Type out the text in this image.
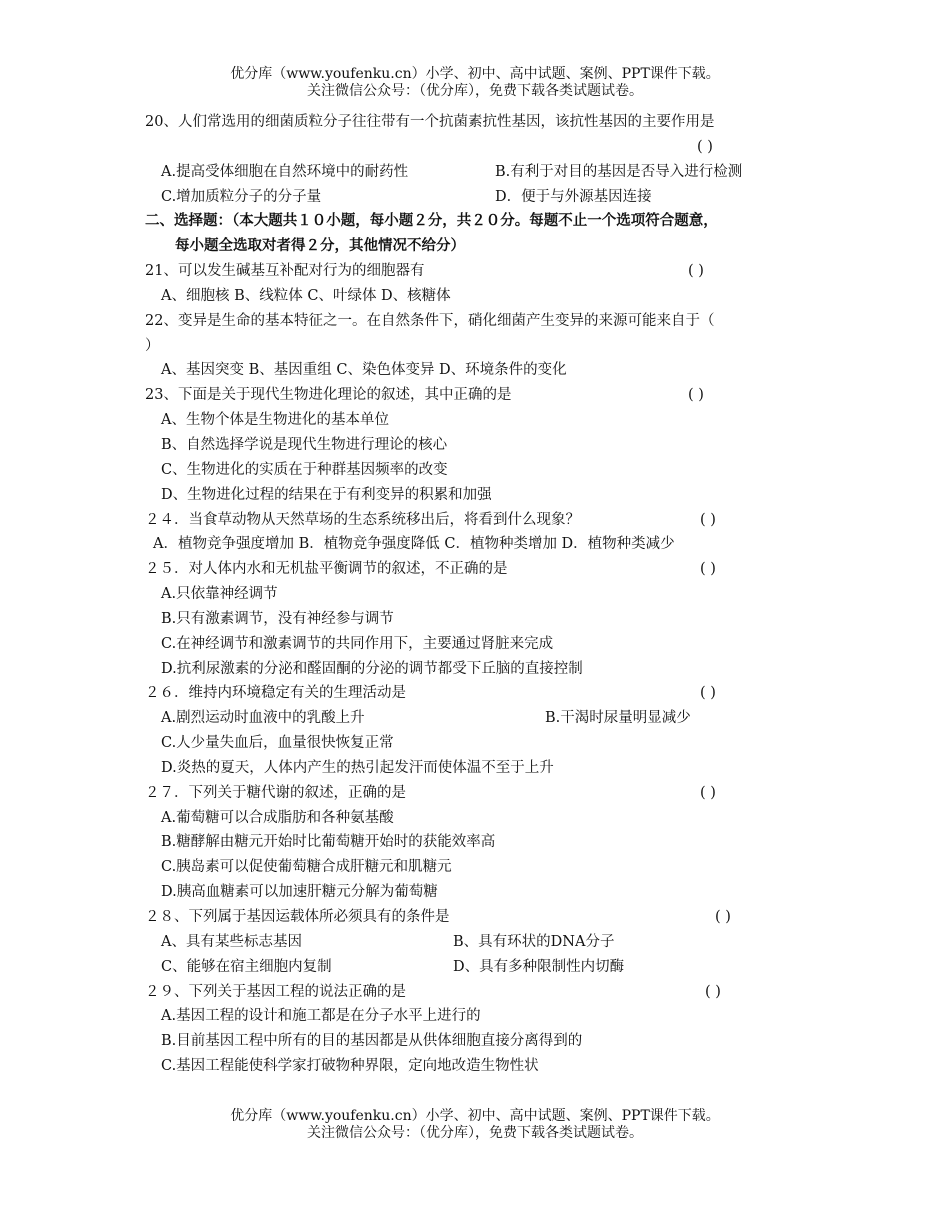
优分库（www.youfenku.cn）小学、初中、高中试题、案例、PPT课件下载。
关注微信公众号：（优分库），免费下载各类试题试卷。
20、人们常选用的细菌质粒分子往往带有一个抗菌素抗性基因，该抗性基因的主要作用是
( )
A.提高受体细胞在自然环境中的耐药性	B.有利于对目的基因是否导入进行检测
C.增加质粒分子的分子量	D．便于与外源基因连接
二、选择题：（本大题共１０小题，每小题２分，共２０分。每题不止一个选项符合题意，
每小题全选取对者得２分，其他情况不给分）
21、可以发生碱基互补配对行为的细胞器有	( )
A、细胞核 B、线粒体 C、叶绿体 D、核糖体
22、变异是生命的基本特征之一。在自然条件下，硝化细菌产生变异的来源可能来自于（
）
A、基因突变 B、基因重组 C、染色体变异 D、环境条件的变化
23、下面是关于现代生物进化理论的叙述，其中正确的是	( )
A、生物个体是生物进化的基本单位
B、自然选择学说是现代生物进行理论的核心
C、生物进化的实质在于种群基因频率的改变
D、生物进化过程的结果在于有利变异的积累和加强
２４．当食草动物从天然草场的生态系统移出后，将看到什么现象？	( )
A．植物竞争强度增加 B．植物竞争强度降低 C．植物种类增加 D．植物种类减少
２５．对人体内水和无机盐平衡调节的叙述，不正确的是	( )
A.只依靠神经调节
B.只有激素调节，没有神经参与调节
C.在神经调节和激素调节的共同作用下，主要通过肾脏来完成
D.抗利尿激素的分泌和醛固酮的分泌的调节都受下丘脑的直接控制
２６．维持内环境稳定有关的生理活动是	( )
A.剧烈运动时血液中的乳酸上升	B.干渴时尿量明显减少
C.人少量失血后，血量很快恢复正常
D.炎热的夏天，人体内产生的热引起发汗而使体温不至于上升
２７．下列关于糖代谢的叙述，正确的是	( )
A.葡萄糖可以合成脂肪和各种氨基酸
B.糖酵解由糖元开始时比葡萄糖开始时的获能效率高
C.胰岛素可以促使葡萄糖合成肝糖元和肌糖元
D.胰高血糖素可以加速肝糖元分解为葡萄糖
２８、下列属于基因运载体所必须具有的条件是	( )
A、具有某些标志基因	B、具有环状的DNA分子
C、能够在宿主细胞内复制	D、具有多种限制性内切酶
２９、下列关于基因工程的说法正确的是	( )
A.基因工程的设计和施工都是在分子水平上进行的
B.目前基因工程中所有的目的基因都是从供体细胞直接分离得到的
C.基因工程能使科学家打破物种界限，定向地改造生物性状
优分库（www.youfenku.cn）小学、初中、高中试题、案例、PPT课件下载。
关注微信公众号：（优分库），免费下载各类试题试卷。
